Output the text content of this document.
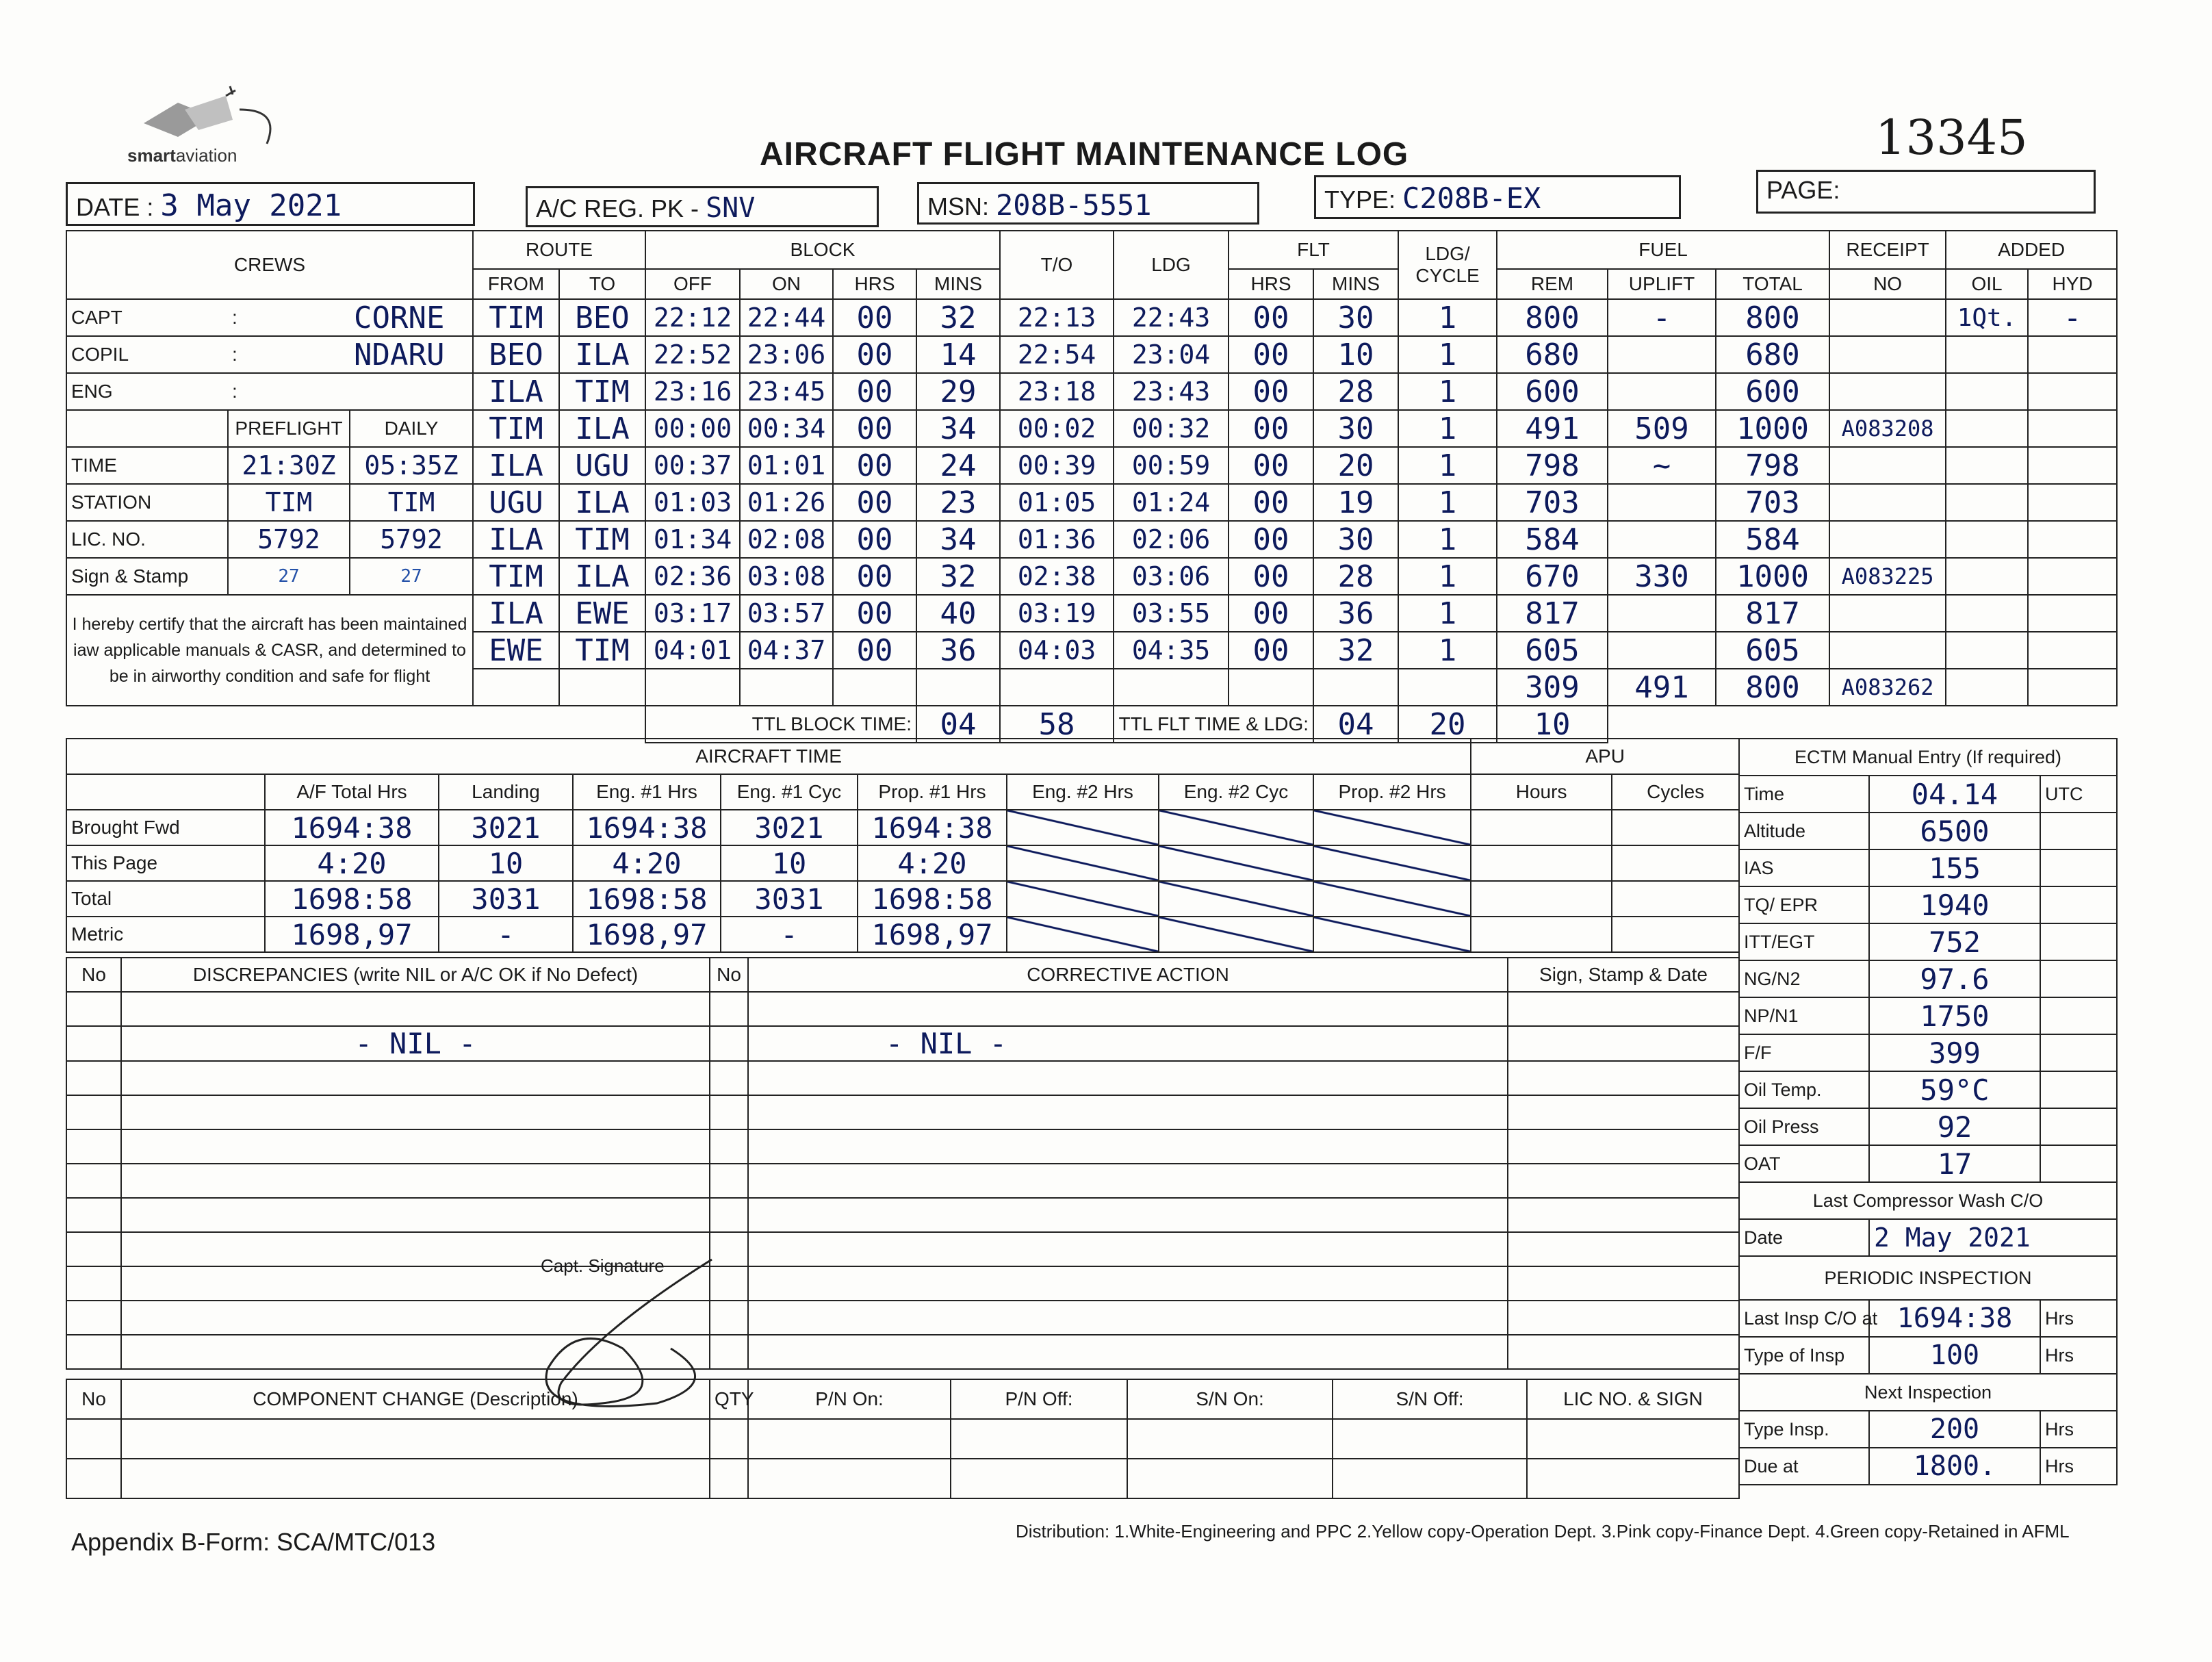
smartaviation	AIRCRAFT FLIGHT MAINTENANCE LOG	13345
DATE : 3 May 2021	A/C REG. PK - SNV	MSN: 208B-5551	TYPE: C208B-EX	PAGE:
CREWS			ROUTE		BLOCK				T/O	LDG	FLT		LDG/ CYCLE	FUEL			RECEIPT	ADDED	
			FROM	TO	OFF	ON	HRS	MINS			HRS	MINS		REM	UPLIFT	TOTAL	NO	OIL	HYD
CAPT	:	CORNE	TIM	BEO	22:12	22:44	00	32	22:13	22:43	00	30	1	800	-	800		1Qt.	-
COPIL	:	NDARU	BEO	ILA	22:52	23:06	00	14	22:54	23:04	00	10	1	680		680			
ENG	:		ILA	TIM	23:16	23:45	00	29	23:18	23:43	00	28	1	600		600			
	PREFLIGHT	DAILY	TIM	ILA	00:00	00:34	00	34	00:02	00:32	00	30	1	491	509	1000	A083208		
TIME	21:30Z	05:35Z	ILA	UGU	00:37	01:01	00	24	00:39	00:59	00	20	1	798	~	798			
STATION	TIM	TIM	UGU	ILA	01:03	01:26	00	23	01:05	01:24	00	19	1	703		703			
LIC. NO.	5792	5792	ILA	TIM	01:34	02:08	00	34	01:36	02:06	00	30	1	584		584			
Sign & Stamp	27	27	TIM	ILA	02:36	03:08	00	32	02:38	03:06	00	28	1	670	330	1000	A083225		
I hereby certify that the aircraft has been maintained iaw applicable manuals & CASR, and determined to be in airworthy condition and safe for flight			ILA	EWE	03:17	03:57	00	40	03:19	03:55	00	36	1	817		817			
			EWE	TIM	04:01	04:37	00	36	04:03	04:35	00	32	1	605		605			
														309	491	800	A083262		
					TTL BLOCK TIME:			04	58	TTL FLT TIME & LDG:		04	20	10					
AIRCRAFT TIME									APU	
	A/F Total Hrs	Landing	Eng. #1 Hrs	Eng. #1 Cyc	Prop. #1 Hrs	Eng. #2 Hrs	Eng. #2 Cyc	Prop. #2 Hrs	Hours	Cycles
Brought Fwd	1694:38	3021	1694:38	3021	1694:38					
This Page	4:20	10	4:20	10	4:20					
Total	1698:58	3031	1698:58	3031	1698:58					
Metric	1698,97	-	1698,97	-	1698,97					
ECTM Manual Entry (If required)		
Time	04.14	UTC
Altitude	6500	
IAS	155	
TQ/ EPR	1940	
ITT/EGT	752	
NG/N2	97.6	
NP/N1	1750	
F/F	399	
Oil Temp.	59°C	
Oil Press	92	
OAT	17	
Last Compressor Wash C/O		
Date	2 May 2021	
PERIODIC INSPECTION		
Last Insp C/O at	1694:38	Hrs
Type of Insp	100	Hrs
Next Inspection		
Type Insp.	200	Hrs
Due at	1800.	Hrs
No	DISCREPANCIES (write NIL or A/C OK if No Defect)	No	CORRECTIVE ACTION	Sign, Stamp & Date

	- NIL -		- NIL -	

Capt. Signature
No	COMPONENT CHANGE (Description)	QTY	P/N On:	P/N Off:	S/N On:	S/N Off:	LIC NO. & SIGN

Appendix B-Form: SCA/MTC/013	Distribution: 1.White-Engineering and PPC 2.Yellow copy-Operation Dept. 3.Pink copy-Finance Dept. 4.Green copy-Retained in AFML
